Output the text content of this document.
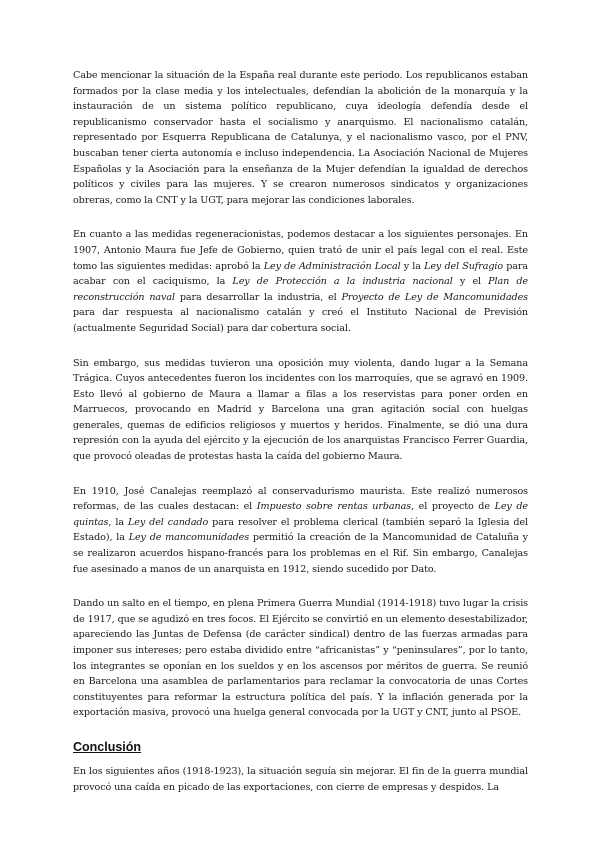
Cabe mencionar la situación de la España real durante este periodo. Los republicanos estaban formados por la clase media y los intelectuales, defendían la abolición de la monarquía y la instauración de un sistema político republicano, cuya ideología defendía desde el republicanismo conservador hasta el socialismo y anarquismo. El nacionalismo catalán, representado por Esquerra Republicana de Catalunya, y el nacionalismo vasco, por el PNV, buscaban tener cierta autonomía e incluso independencia. La Asociación Nacional de Mujeres Españolas y la Asociación para la enseñanza de la Mujer defendían la igualdad de derechos políticos y civiles para las mujeres. Y se crearon numerosos sindicatos y organizaciones obreras, como la CNT y la UGT, para mejorar las condiciones laborales.

En cuanto a las medidas regeneracionistas, podemos destacar a los siguientes personajes. En 1907, Antonio Maura fue Jefe de Gobierno, quien trató de unir el país legal con el real. Este tomo las siguientes medidas: aprobó la Ley de Administración Local y la Ley del Sufragio para acabar con el caciquismo, la Ley de Protección a la industria nacional y el Plan de reconstrucción naval para desarrollar la industria, el Proyecto de Ley de Mancomunidades para dar respuesta al nacionalismo catalán y creó el Instituto Nacional de Previsión (actualmente Seguridad Social) para dar cobertura social.

Sin embargo, sus medidas tuvieron una oposición muy violenta, dando lugar a la Semana Trágica. Cuyos antecedentes fueron los incidentes con los marroquíes, que se agravó en 1909. Esto llevó al gobierno de Maura a llamar a filas a los reservistas para poner orden en Marruecos, provocando en Madrid y Barcelona una gran agitación social con huelgas generales, quemas de edificios religiosos y muertos y heridos. Finalmente, se dió una dura represión con la ayuda del ejército y la ejecución de los anarquistas Francisco Ferrer Guardia, que provocó oleadas de protestas hasta la caída del gobierno Maura.

En 1910, José Canalejas reemplazó al conservadurismo maurista. Este realizó numerosos reformas, de las cuales destacan: el Impuesto sobre rentas urbanas, el proyecto de Ley de quintas, la Ley del candado para resolver el problema clerical (también separó la Iglesia del Estado), la Ley de mancomunidades permitió la creación de la Mancomunidad de Cataluña y se realizaron acuerdos hispano-francés para los problemas en el Rif. Sin embargo, Canalejas fue asesinado a manos de un anarquista en 1912, siendo sucedido por Dato.

Dando un salto en el tiempo, en plena Primera Guerra Mundial (1914-1918) tuvo lugar la crisis de 1917, que se agudizó en tres focos. El Ejército se convirtió en un elemento desestabilizador, apareciendo las Juntas de Defensa (de carácter sindical) dentro de las fuerzas armadas para imponer sus intereses; pero estaba dividido entre “africanistas” y “peninsulares”, por lo tanto, los integrantes se oponían en los sueldos y en los ascensos por méritos de guerra. Se reunió en Barcelona una asamblea de parlamentarios para reclamar la convocatoria de unas Cortes constituyentes para reformar la estructura política del país. Y la inflación generada por la exportación masiva, provocó una huelga general convocada por la UGT y CNT, junto al PSOE.

Conclusión

En los siguientes años (1918-1923), la situación seguía sin mejorar. El fin de la guerra mundial provocó una caída en picado de las exportaciones, con cierre de empresas y despidos. La
